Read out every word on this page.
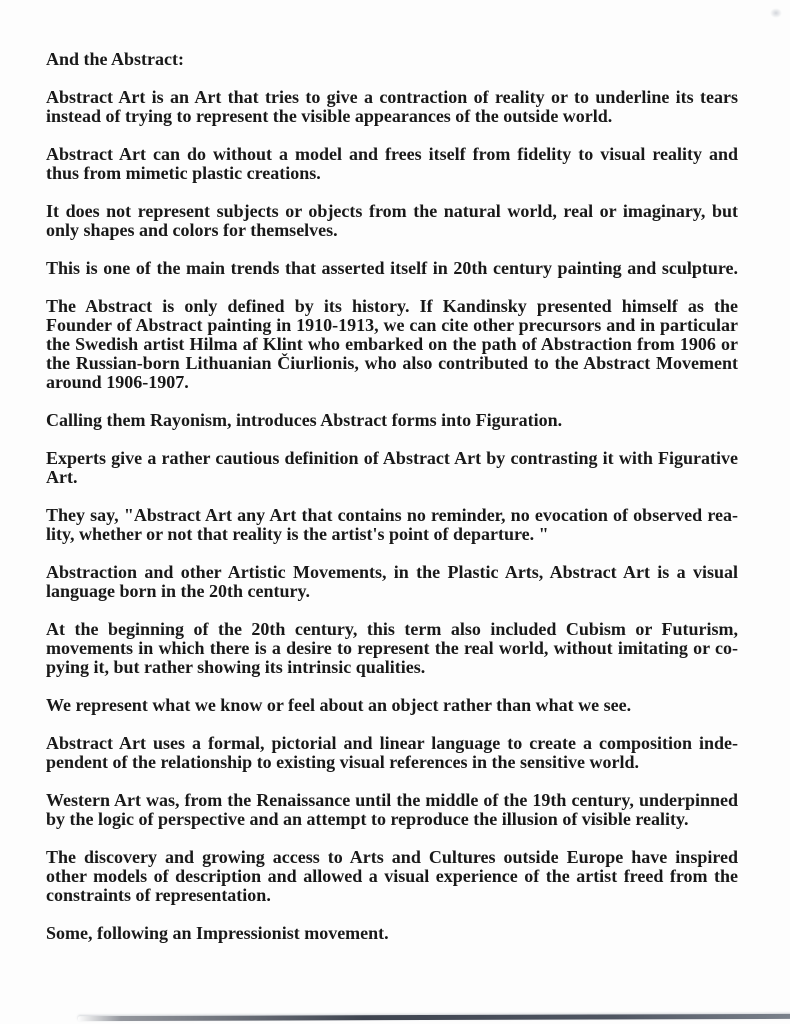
And the Abstract:
Abstract Art is an Art that tries to give a contraction of reality or to underline its tears
instead of trying to represent the visible appearances of the outside world.
Abstract Art can do without a model and frees itself from fidelity to visual reality and
thus from mimetic plastic creations.
It does not represent subjects or objects from the natural world, real or imaginary, but
only shapes and colors for themselves.
This is one of the main trends that asserted itself in 20th century painting and sculpture.
The Abstract is only defined by its history. If Kandinsky presented himself as the
Founder of Abstract painting in 1910-1913, we can cite other precursors and in particular
the Swedish artist Hilma af Klint who embarked on the path of Abstraction from 1906 or
the Russian-born Lithuanian Čiurlionis, who also contributed to the Abstract Movement
around 1906-1907.
Calling them Rayonism, introduces Abstract forms into Figuration.
Experts give a rather cautious definition of Abstract Art by contrasting it with Figurative
Art.
They say, "Abstract Art any Art that contains no reminder, no evocation of observed rea-
lity, whether or not that reality is the artist's point of departure. "
Abstraction and other Artistic Movements, in the Plastic Arts, Abstract Art is a visual
language born in the 20th century.
At the beginning of the 20th century, this term also included Cubism or Futurism,
movements in which there is a desire to represent the real world, without imitating or co-
pying it, but rather showing its intrinsic qualities.
We represent what we know or feel about an object rather than what we see.
Abstract Art uses a formal, pictorial and linear language to create a composition inde-
pendent of the relationship to existing visual references in the sensitive world.
Western Art was, from the Renaissance until the middle of the 19th century, underpinned
by the logic of perspective and an attempt to reproduce the illusion of visible reality.
The discovery and growing access to Arts and Cultures outside Europe have inspired
other models of description and allowed a visual experience of the artist freed from the
constraints of representation.
Some, following an Impressionist movement.
